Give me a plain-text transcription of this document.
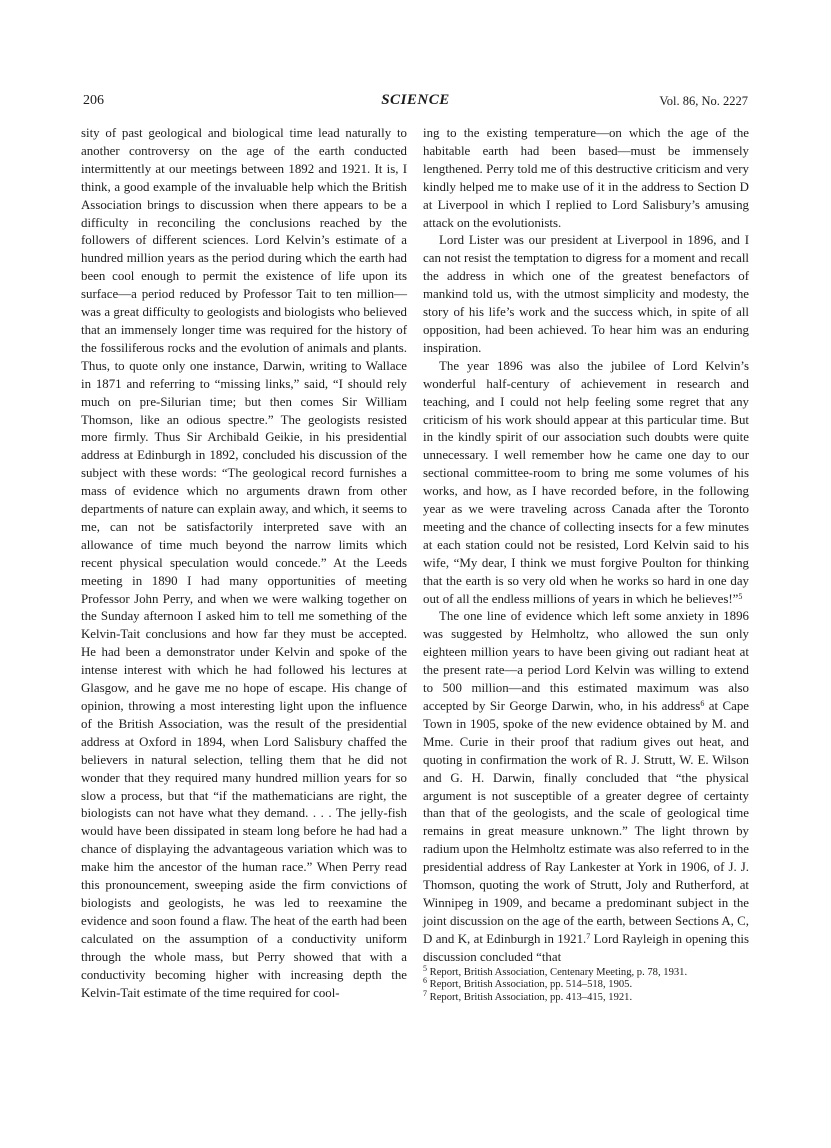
206	SCIENCE	Vol. 86, No. 2227

sity of past geological and biological time lead naturally to another controversy on the age of the earth conducted intermittently at our meetings between 1892 and 1921. It is, I think, a good example of the invaluable help which the British Association brings to discussion when there appears to be a difficulty in reconciling the conclusions reached by the followers of different sciences. Lord Kelvin’s estimate of a hundred million years as the period during which the earth had been cool enough to permit the existence of life upon its surface—a period reduced by Professor Tait to ten million—was a great difficulty to geologists and biologists who believed that an immensely longer time was required for the history of the fossiliferous rocks and the evolution of animals and plants. Thus, to quote only one instance, Darwin, writing to Wallace in 1871 and referring to “missing links,” said, “I should rely much on pre-Silurian time; but then comes Sir William Thomson, like an odious spectre.” The geologists resisted more firmly. Thus Sir Archibald Geikie, in his presidential address at Edinburgh in 1892, concluded his discussion of the subject with these words: “The geological record furnishes a mass of evidence which no arguments drawn from other departments of nature can explain away, and which, it seems to me, can not be satisfactorily interpreted save with an allowance of time much beyond the narrow limits which recent physical speculation would concede.” At the Leeds meeting in 1890 I had many opportunities of meeting Professor John Perry, and when we were walking together on the Sunday afternoon I asked him to tell me something of the Kelvin-Tait conclusions and how far they must be accepted. He had been a demonstrator under Kelvin and spoke of the intense interest with which he had followed his lectures at Glasgow, and he gave me no hope of escape. His change of opinion, throwing a most interesting light upon the influence of the British Association, was the result of the presidential address at Oxford in 1894, when Lord Salisbury chaffed the believers in natural selection, telling them that he did not wonder that they required many hundred million years for so slow a process, but that “if the mathematicians are right, the biologists can not have what they demand. . . . The jelly-fish would have been dissipated in steam long before he had had a chance of displaying the advantageous variation which was to make him the ancestor of the human race.” When Perry read this pronouncement, sweeping aside the firm convictions of biologists and geologists, he was led to reexamine the evidence and soon found a flaw. The heat of the earth had been calculated on the assumption of a conductivity uniform through the whole mass, but Perry showed that with a conductivity becoming higher with increasing depth the Kelvin-Tait estimate of the time required for cool-

ing to the existing temperature—on which the age of the habitable earth had been based—must be immensely lengthened. Perry told me of this destructive criticism and very kindly helped me to make use of it in the address to Section D at Liverpool in which I replied to Lord Salisbury’s amusing attack on the evolutionists.

Lord Lister was our president at Liverpool in 1896, and I can not resist the temptation to digress for a moment and recall the address in which one of the greatest benefactors of mankind told us, with the utmost simplicity and modesty, the story of his life’s work and the success which, in spite of all opposition, had been achieved. To hear him was an enduring inspiration.

The year 1896 was also the jubilee of Lord Kelvin’s wonderful half-century of achievement in research and teaching, and I could not help feeling some regret that any criticism of his work should appear at this particular time. But in the kindly spirit of our association such doubts were quite unnecessary. I well remember how he came one day to our sectional committee-room to bring me some volumes of his works, and how, as I have recorded before, in the following year as we were traveling across Canada after the Toronto meeting and the chance of collecting insects for a few minutes at each station could not be resisted, Lord Kelvin said to his wife, “My dear, I think we must forgive Poulton for thinking that the earth is so very old when he works so hard in one day out of all the endless millions of years in which he believes!”$^5$

The one line of evidence which left some anxiety in 1896 was suggested by Helmholtz, who allowed the sun only eighteen million years to have been giving out radiant heat at the present rate—a period Lord Kelvin was willing to extend to 500 million—and this estimated maximum was also accepted by Sir George Darwin, who, in his address$^6$ at Cape Town in 1905, spoke of the new evidence obtained by M. and Mme. Curie in their proof that radium gives out heat, and quoting in confirmation the work of R. J. Strutt, W. E. Wilson and G. H. Darwin, finally concluded that “the physical argument is not susceptible of a greater degree of certainty than that of the geologists, and the scale of geological time remains in great measure unknown.” The light thrown by radium upon the Helmholtz estimate was also referred to in the presidential address of Ray Lankester at York in 1906, of J. J. Thomson, quoting the work of Strutt, Joly and Rutherford, at Winnipeg in 1909, and became a predominant subject in the joint discussion on the age of the earth, between Sections A, C, D and K, at Edinburgh in 1921.$^7$ Lord Rayleigh in opening this discussion concluded “that

$^5$ Report, British Association, Centenary Meeting, p. 78, 1931.

$^6$ Report, British Association, pp. 514–518, 1905.

$^7$ Report, British Association, pp. 413–415, 1921.
